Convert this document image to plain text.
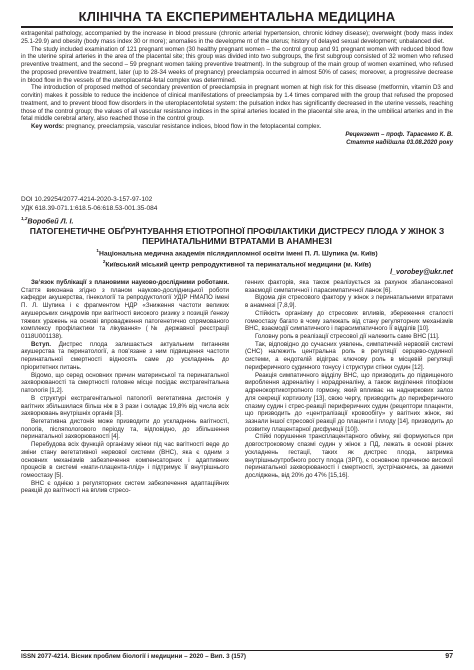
КЛІНІЧНА ТА ЕКСПЕРИМЕНТАЛЬНА МЕДИЦИНА

extragenital pathology, accompanied by the increase in blood pressure (chronic arterial hypertension, chronic kidney disease); overweight (body mass index 25.1-29.9) and obesity (body mass index 30 or more); anomalies in the developme nt of the uterus; history of delayed sexual development; unbalanced diet.

The study included examination of 121 pregnant women (30 healthy pregnant women – the control group and 91 pregnant women with reduced blood flow in the uterine spiral arteries in the area of the placental site; this group was divided into two subgroups, the first subgroup consisted of 32 women who refused preventive treatment, and the second – 59 pregnant women taking preventive treatment). In the subgroup of the main group of women examined, who refused the proposed preventive treatment, later (up to 28-34 weeks of pregnancy) preeclampsia occurred in almost 50% of cases; moreover, a progressive decrease in blood flow in the vessels of the uteroplacental-fetal complex was determined.

The introduction of proposed method of secondary prevention of preeclampsia in pregnant women at high risk for this disease (metformin, vitamin D3 and corvitin) makes it possible to reduce the incidence of clinical manifestations of preeclampsia by 1.4 times compared with the group that refused the proposed treatment, and to prevent blood flow disorders in the uteroplacentofetal system: the pulsation index has significantly decreased in the uterine vessels, reaching those of the control group; the values of all vascular resistance indices in the spiral arteries located in the placental site area, in the umbilical arteries and in the fetal middle cerebral artery, also reached those in the control group.

Key words: pregnancy, preeclampsia, vascular resistance indices, blood flow in the fetoplacental complex.

Рецензент – проф. Тарасенко К. В.
Стаття надійшла 03.08.2020 року
DOI 10.29254/2077-4214-2020-3-157-97-102
УДК 618.39-071.1:618.5-06:618.53-001.35-084
$^{1,2}$Воробей Л. І.
ПАТОГЕНЕТИЧНЕ ОБҐРУНТУВАННЯ ЕТІОТРОПНОЇ ПРОФІЛАКТИКИ ДИСТРЕСУ ПЛОДА У ЖІНОК З ПЕРИНАТАЛЬНИМИ ВТРАТАМИ В АНАМНЕЗІ
$^1$Національна медична академія післядипломної освіти імені П. Л. Шупика (м. Київ)
$^2$Київський міський центр репродуктивної та перинатальної медицини (м. Київ)
l_vorobey@ukr.net

Зв’язок публікації з плановими науково-дослідними роботами. Стаття виконана згідно з планом науково-дослідницької роботи кафедри акушерства, гінекології та репродуктології УДІР НМАПО імені П. Л. Шупика і є фрагментом НДР «Зниження частоти великих акушерських синдромів при вагітності високого ризику з позицій ґенезу тяжких уражень на основі впровадження патогенетично спрямованого комплексу профілактики та лікування» (№ державної реєстрації 0118U001138).

Вступ. Дистрес плода залишається актуальним питанням акушерства та перинатології, а пов’язане з ним підвищення частоти перинатальної смертності відносять саме до ускладнень до пріоритетних питань.

Відомо, що серед основних причин материнської та перинатальної захворюваності та смертності головне місце посідає екстрагенітальна патологія [1,2].

В структурі екстрагенітальної патології вегетативна дистонія у вагітних збільшилася більш ніж в 3 рази і складає 19,8% від числа всіх захворювань внутрішніх органів [3].

Вегетативна дистонія може призводити до ускладнень вагітності, пологів, післяпологового періоду та, відповідно, до збільшення перинатальної захворюваності [4].

Перебудова всіх функцій організму жінки під час вагітності веде до зміни стану вегетативної нервової системи (ВНС), яка є одним з основних механізмів забезпечення компенсаторних і адаптивних процесів в системі «мати-плацента-плід» і підтримує її внутрішнього гомеостазу [5].

ВНС є однією з регуляторних систем забезпечення адаптаційних реакцій до вагітності на вплив стресо-

генних факторів, яка також реалізується за рахунок збалансованої взаємодії симпатичної і парасимпатичної ланок [6].

Відома дія стресового фактору у жінок з перинатальними втратами в анамнезі [7,8,9].

Стійкість організму до стресових впливів, збереження сталості гомеостазу багато в чому залежать від стану регуляторних механізмів ВНС, взаємодії симпатичного і парасимпатичного її відділів [10].

Головну роль в реалізації стресової дії належить саме ВНС [11].

Так, відповідно до сучасних уявлень, симпатичній нервовій системі (СНС) належить центральна роль в регуляції серцево-судинної системи, а ендотелій відіграє ключову роль в місцевій регуляції периферичного судинного тонусу і структури стінки судин [12].

Реакція симпатичного відділу ВНС, що призводить до підвищеного вироблення адреналіну і норадреналіну, а також виділення гіпофізом адренокортикотропного гормону, який впливає на надниркових залоз для секреції кортизолу [13], свою чергу, призводить до периферичного спазму судин і стрес-реакції периферичних судин (рецептори плаценти, що призводить до «централізації кровообігу» у вагітних жінок, які зазнали іншої стресової реакції до плаценти і плоду [14], призводить до розвитку плацентарної дисфункції [10]).

Стійкі порушення трансплацентарного обміну, які формуються при довгостроковому спазмі судин у жінок з ПД, лежать в основі різних ускладнень гестації, таких як дистрес плода, затримка внутрішньоутробного росту плода (ЗРП), є основною причиною високої перинатальної захворюваності і смертності, зустрічаючись, за даними досліджень, від 20% до 47% [15,16].

ISSN 2077-4214. Вісник проблем біології і медицини – 2020 – Вип. 3 (157)	97
